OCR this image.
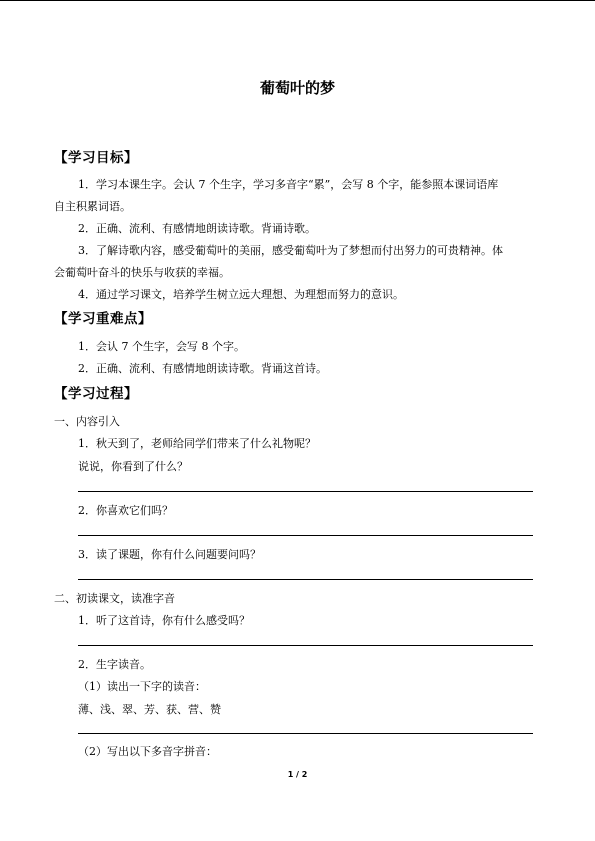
葡萄叶的梦
【学习目标】
1．学习本课生字。会认 7 个生字，学习多音字“累”，会写 8 个字，能参照本课词语库
自主积累词语。
2．正确、流利、有感情地朗读诗歌。背诵诗歌。
3．了解诗歌内容，感受葡萄叶的美丽，感受葡萄叶为了梦想而付出努力的可贵精神。体
会葡萄叶奋斗的快乐与收获的幸福。
4．通过学习课文，培养学生树立远大理想、为理想而努力的意识。
【学习重难点】
1．会认 7 个生字，会写 8 个字。
2．正确、流利、有感情地朗读诗歌。背诵这首诗。
【学习过程】
一、内容引入
1．秋天到了，老师给同学们带来了什么礼物呢？
说说，你看到了什么？
2．你喜欢它们吗？
3．读了课题，你有什么问题要问吗？
二、初读课文，读准字音
1．听了这首诗，你有什么感受吗？
2．生字读音。
（1）读出一下字的读音：
薄、浅、翠、芳、获、营、赞
（2）写出以下多音字拼音：
1 / 2
